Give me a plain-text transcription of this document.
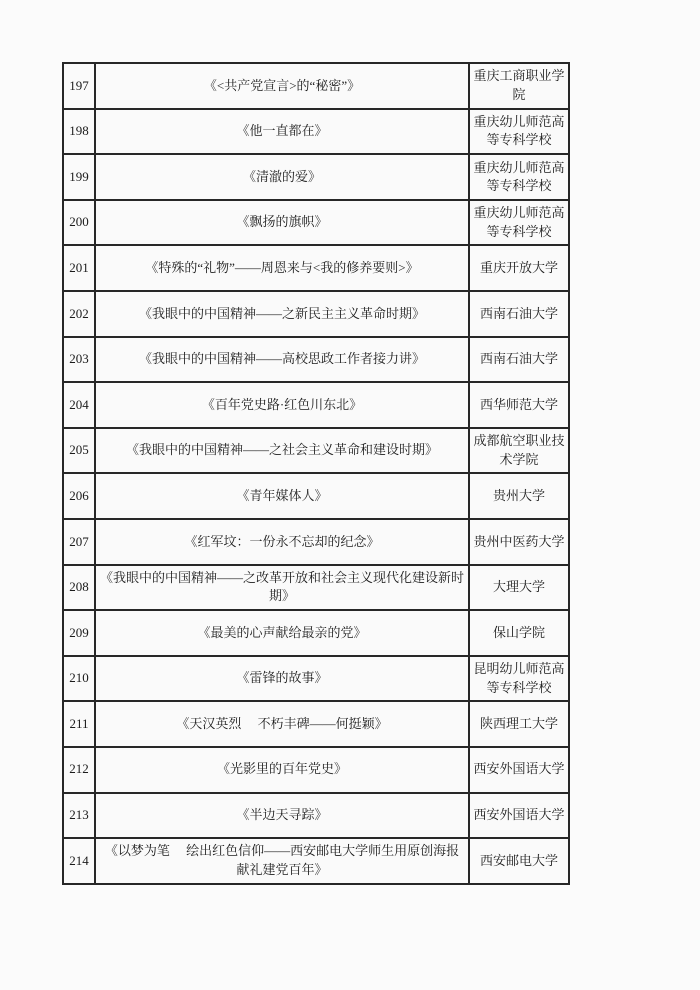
197	《<共产党宣言>的“秘密”》	重庆工商职业学院
198	《他一直都在》	重庆幼儿师范高等专科学校
199	《清澈的爱》	重庆幼儿师范高等专科学校
200	《飘扬的旗帜》	重庆幼儿师范高等专科学校
201	《特殊的“礼物”——周恩来与<我的修养要则>》	重庆开放大学
202	《我眼中的中国精神——之新民主主义革命时期》	西南石油大学
203	《我眼中的中国精神——高校思政工作者接力讲》	西南石油大学
204	《百年党史路·红色川东北》	西华师范大学
205	《我眼中的中国精神——之社会主义革命和建设时期》	成都航空职业技术学院
206	《青年媒体人》	贵州大学
207	《红军坟：一份永不忘却的纪念》	贵州中医药大学
208	《我眼中的中国精神——之改革开放和社会主义现代化建设新时期》	大理大学
209	《最美的心声献给最亲的党》	保山学院
210	《雷锋的故事》	昆明幼儿师范高等专科学校
211	《天汉英烈　 不朽丰碑——何挺颖》	陕西理工大学
212	《光影里的百年党史》	西安外国语大学
213	《半边天寻踪》	西安外国语大学
214	《以梦为笔　 绘出红色信仰——西安邮电大学师生用原创海报献礼建党百年》	西安邮电大学
